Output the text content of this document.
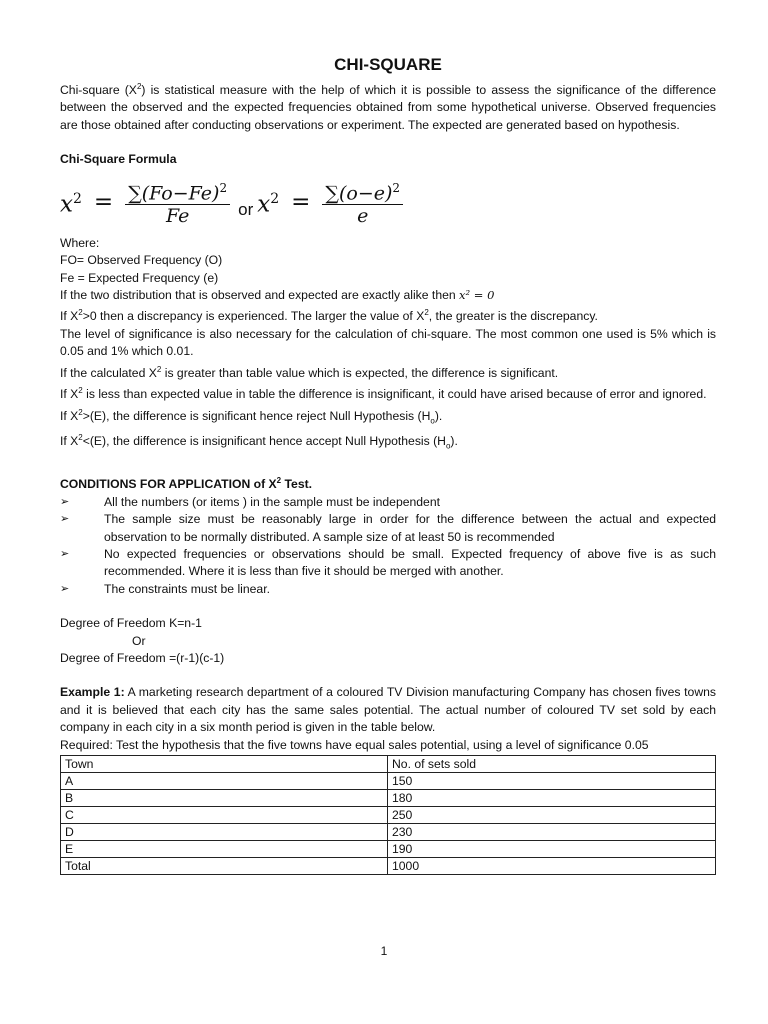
CHI-SQUARE

Chi-square $(X^2)$ is statistical measure with the help of which it is possible to assess the significance of the difference between the observed and the expected frequencies obtained from some hypothetical universe. Observed frequencies are those obtained after conducting observations or experiment. The expected are generated based on hypothesis.

Chi-Square Formula

$x^2 = \frac{\sum(Fo-Fe)^2}{Fe}$ or $x^2 = \frac{\sum(o-e)^2}{e}$

Where:

FO= Observed Frequency (O)

Fe = Expected Frequency (e)

If the two distribution that is observed and expected are exactly alike then x² = 0

If $X^2>0$ then a discrepancy is experienced. The larger the value of $X^2$, the greater is the discrepancy.

The level of significance is also necessary for the calculation of chi-square. The most common one used is 5% which is 0.05 and 1% which 0.01.

If the calculated $X^2$ is greater than table value which is expected, the difference is significant.

If $X^2$ is less than expected value in table the difference is insignificant, it could have arised because of error and ignored.

If $X^2>(E)$, the difference is significant hence reject Null Hypothesis $(H_o)$.

If $X^2<(E)$, the difference is insignificant hence accept Null Hypothesis $(H_o)$.

CONDITIONS FOR APPLICATION of $X^2$ Test.

➢	All the numbers (or items ) in the sample must be independent
➢	The sample size must be reasonably large in order for the difference between the actual and expected observation to be normally distributed. A sample size of at least 50 is recommended
➢	No expected frequencies or observations should be small. Expected frequency of above five is as such recommended. Where it is less than five it should be merged with another.
➢	The constraints must be linear.

Degree of Freedom K=n-1

Or

Degree of Freedom =(r-1)(c-1)

Example 1: A marketing research department of a coloured TV Division manufacturing Company has chosen fives towns and it is believed that each city has the same sales potential. The actual number of coloured TV set sold by each company in each city in a six month period is given in the table below.

Required: Test the hypothesis that the five towns have equal sales potential, using a level of significance 0.05

Town	No. of sets sold
A	150
B	180
C	250
D	230
E	190
Total	1000
1
